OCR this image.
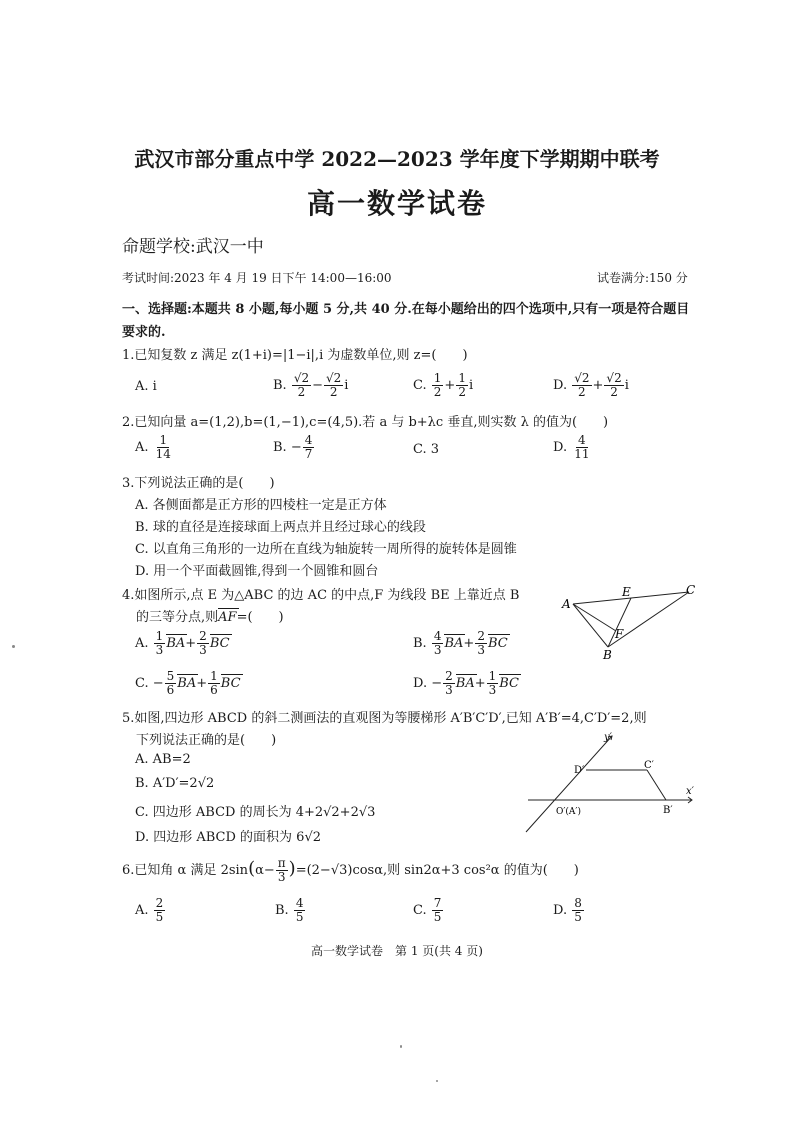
武汉市部分重点中学 2022—2023 学年度下学期期中联考
高一数学试卷
命题学校:武汉一中
考试时间:2023 年 4 月 19 日下午 14:00—16:00	试卷满分:150 分
一、选择题:本题共 8 小题,每小题 5 分,共 40 分.在每小题给出的四个选项中,只有一项是符合题目要求的.
1.已知复数 z 满足 z(1+i)=|1−i|,i 为虚数单位,则 z=(　　)
A. i	B. $\frac{√2}{2} - \frac{√2}{2}$ i	C. $\frac{1}{2} + \frac{1}{2}$ i	D. $\frac{√2}{2} + \frac{√2}{2}$ i
2.已知向量 a=(1,2),b=(1,−1),c=(4,5).若 a 与 b+λc 垂直,则实数 λ 的值为(　　)
A. $\frac{1}{14}$	B. − $\frac{4}{7}$	C. 3	D. $\frac{4}{11}$
3.下列说法正确的是(　　)
A. 各侧面都是正方形的四棱柱一定是正方体
B. 球的直径是连接球面上两点并且经过球心的线段
C. 以直角三角形的一边所在直线为轴旋转一周所得的旋转体是圆锥
D. 用一个平面截圆锥,得到一个圆锥和圆台
4.如图所示,点 E 为△ABC 的边 AC 的中点,F 为线段 BE 上靠近点 B
的三等分点,则AF=(　　)
A. $\frac{1}{3} BA+ \frac{2}{3}$ BC	B. $\frac{4}{3} BA+ \frac{2}{3}$ BC
C. − $\frac{5}{6} BA+ \frac{1}{6}$ BC	D. − $\frac{2}{3} BA+ \frac{1}{3}$ BC
A
C
E
F
B
5.如图,四边形 ABCD 的斜二测画法的直观图为等腰梯形 A′B′C′D′,已知 A′B′=4,C′D′=2,则
下列说法正确的是(　　)
A. AB=2
B. A′D′=2√2
C. 四边形 ABCD 的周长为 4+2√2+2√3
D. 四边形 ABCD 的面积为 6√2
y′
x′
D′	C′
O′(A′)	B′
6.已知角 α 满足 $2\sin(\alpha- \frac{\pi}{3} )=(2-√3)\cos\alpha$,则 sin2α+3 cos²α 的值为(　　)
A. $\frac{2}{5}$	B. $\frac{4}{5}$	C. $\frac{7}{5}$	D. $\frac{8}{5}$
高一数学试卷　第 1 页(共 4 页)
